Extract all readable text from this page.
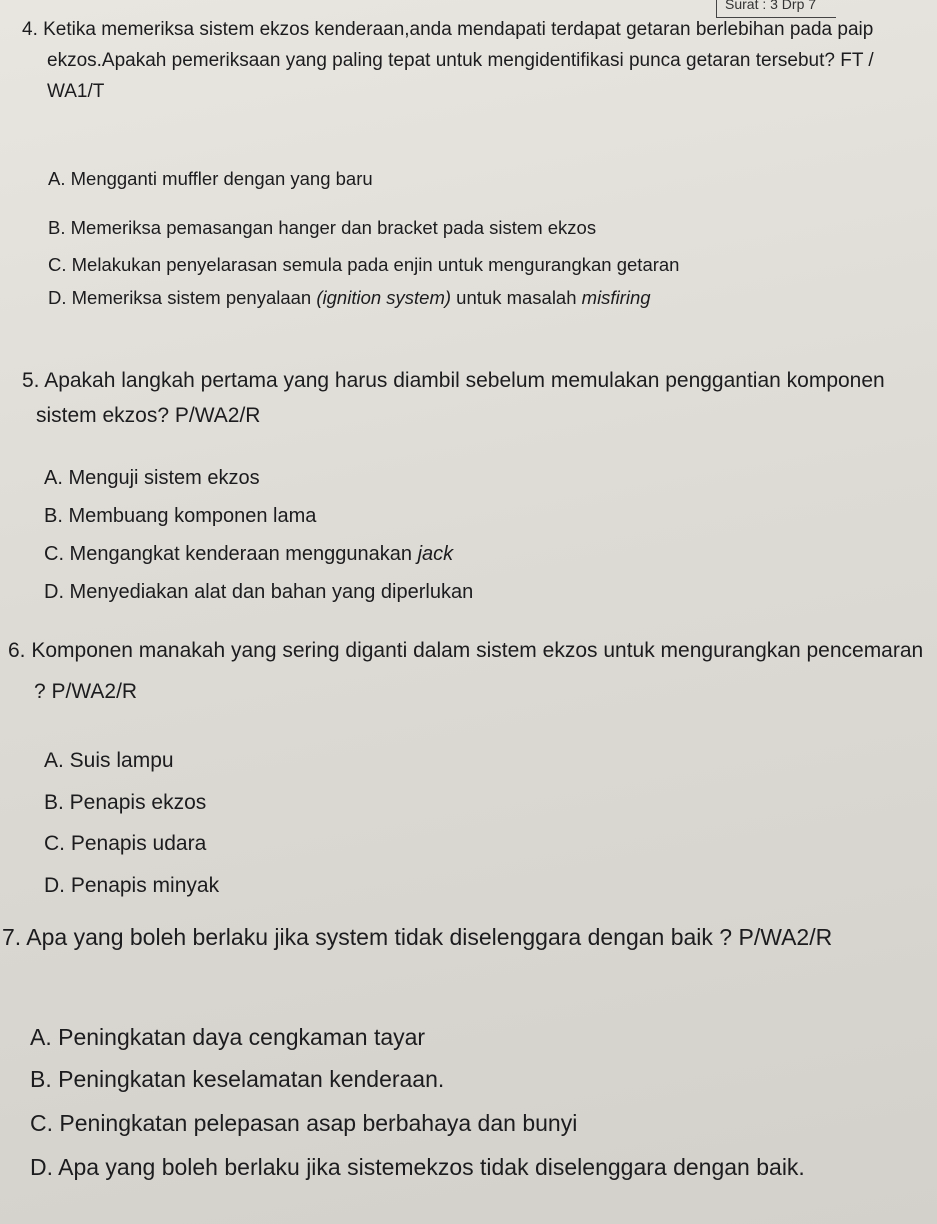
Surat : 3 Drp 7

4. Ketika memeriksa sistem ekzos kenderaan,anda mendapati terdapat getaran berlebihan pada paip ekzos.Apakah pemeriksaan yang paling tepat untuk mengidentifikasi punca getaran tersebut? FT / WA1/T

A. Mengganti muffler dengan yang baru
B. Memeriksa pemasangan hanger dan bracket pada sistem ekzos
C. Melakukan penyelarasan semula pada enjin untuk mengurangkan getaran
D. Memeriksa sistem penyalaan (ignition system) untuk masalah misfiring

5. Apakah langkah pertama yang harus diambil sebelum memulakan penggantian komponen sistem ekzos? P/WA2/R

A. Menguji sistem ekzos
B. Membuang komponen lama
C. Mengangkat kenderaan menggunakan jack
D. Menyediakan alat dan bahan yang diperlukan

6. Komponen manakah yang sering diganti dalam sistem ekzos untuk mengurangkan pencemaran ? P/WA2/R

A. Suis lampu
B. Penapis ekzos
C. Penapis udara
D. Penapis minyak

7. Apa yang boleh berlaku jika system tidak diselenggara dengan baik ? P/WA2/R

A. Peningkatan daya cengkaman tayar
B. Peningkatan keselamatan kenderaan.
C. Peningkatan pelepasan asap berbahaya dan bunyi
D. Apa yang boleh berlaku jika sistemekzos tidak diselenggara dengan baik.
